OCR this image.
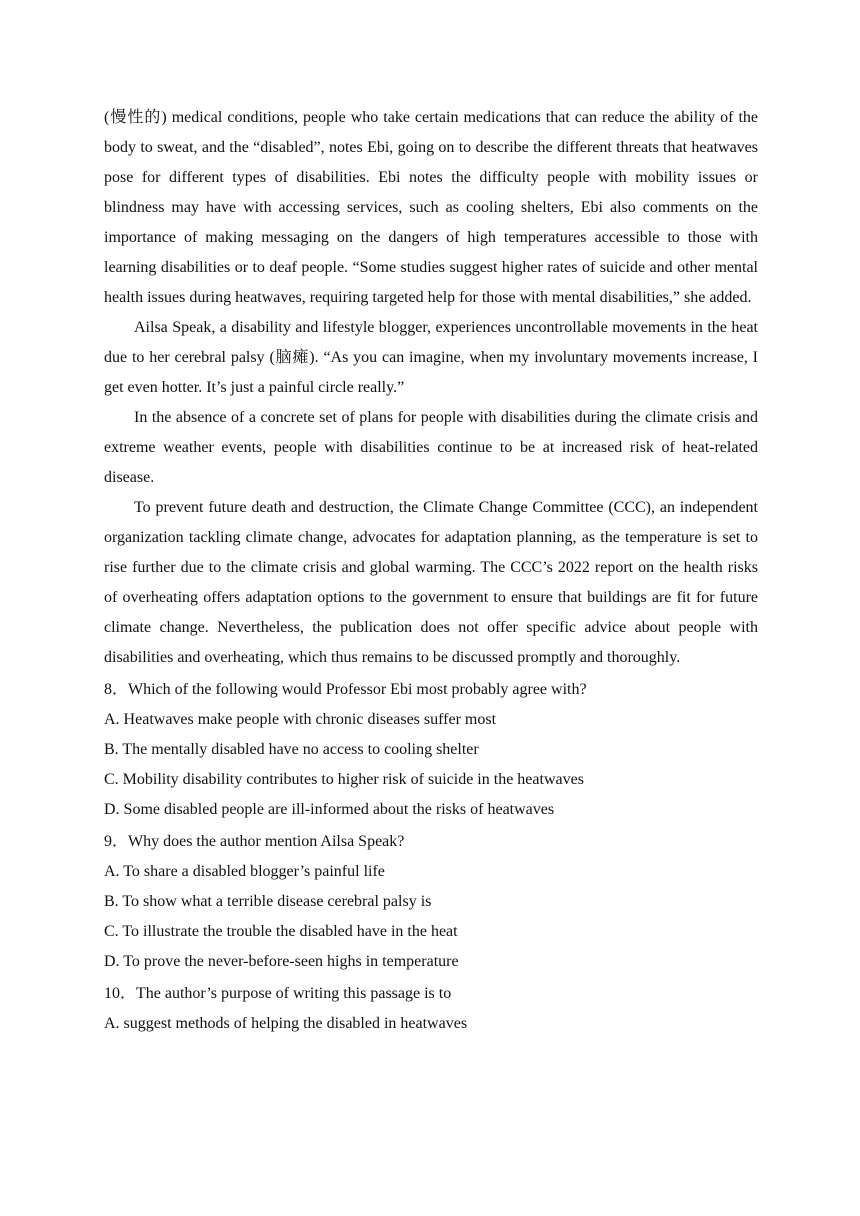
(慢性的) medical conditions, people who take certain medications that can reduce the ability of the body to sweat, and the “disabled”, notes Ebi, going on to describe the different threats that heatwaves pose for different types of disabilities. Ebi notes the difficulty people with mobility issues or blindness may have with accessing services, such as cooling shelters, Ebi also comments on the importance of making messaging on the dangers of high temperatures accessible to those with learning disabilities or to deaf people. “Some studies suggest higher rates of suicide and other mental health issues during heatwaves, requiring targeted help for those with mental disabilities,” she added.

Ailsa Speak, a disability and lifestyle blogger, experiences uncontrollable movements in the heat due to her cerebral palsy (脑瘫). “As you can imagine, when my involuntary movements increase, I get even hotter. It’s just a painful circle really.”

In the absence of a concrete set of plans for people with disabilities during the climate crisis and extreme weather events, people with disabilities continue to be at increased risk of heat-related disease.

To prevent future death and destruction, the Climate Change Committee (CCC), an independent organization tackling climate change, advocates for adaptation planning, as the temperature is set to rise further due to the climate crisis and global warming. The CCC’s 2022 report on the health risks of overheating offers adaptation options to the government to ensure that buildings are fit for future climate change. Nevertheless, the publication does not offer specific advice about people with disabilities and overheating, which thus remains to be discussed promptly and thoroughly.

8．Which of the following would Professor Ebi most probably agree with?

A. Heatwaves make people with chronic diseases suffer most

B. The mentally disabled have no access to cooling shelter

C. Mobility disability contributes to higher risk of suicide in the heatwaves

D. Some disabled people are ill-informed about the risks of heatwaves

9．Why does the author mention Ailsa Speak?

A. To share a disabled blogger’s painful life

B. To show what a terrible disease cerebral palsy is

C. To illustrate the trouble the disabled have in the heat

D. To prove the never-before-seen highs in temperature

10．The author’s purpose of writing this passage is to

A. suggest methods of helping the disabled in heatwaves
